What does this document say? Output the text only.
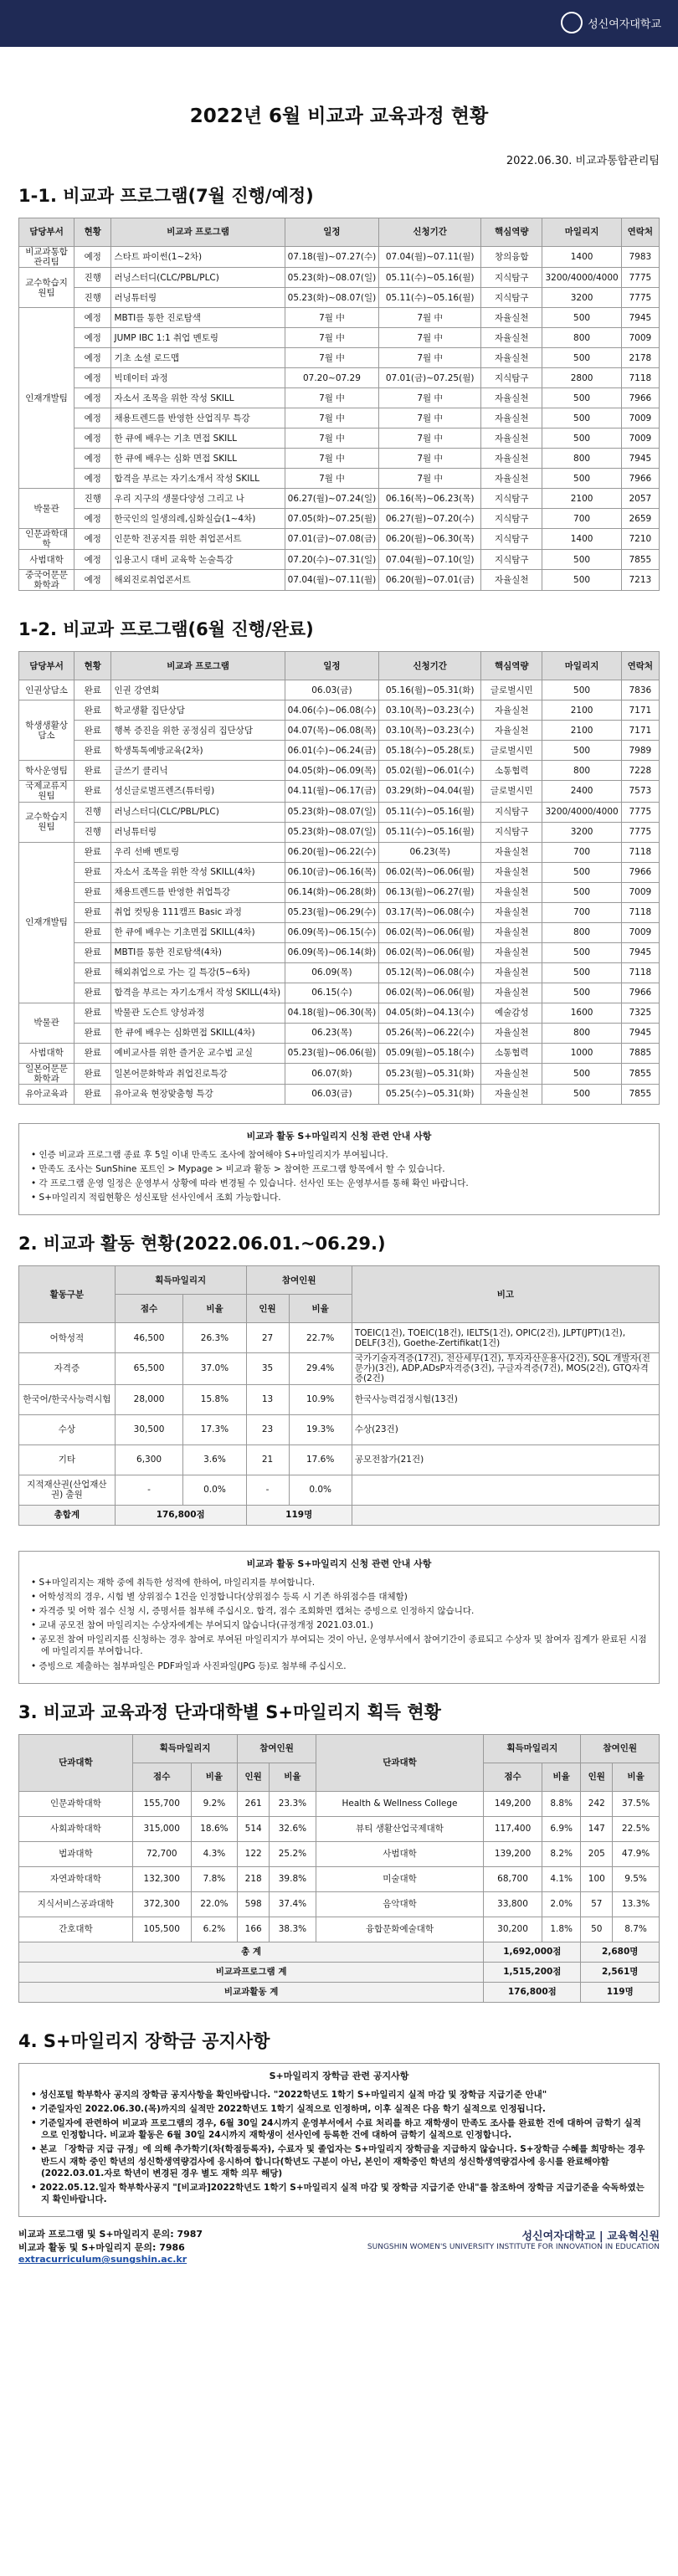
성신여자대학교
2022년 6월 비교과 교육과정 현황
2022.06.30. 비교과통합관리팀
1-1. 비교과 프로그램(7월 진행/예정)
담당부서	현황	비교과 프로그램	일정	신청기간	핵심역량	마일리지	연락처
비교과통합관리팀	예정	스타트 파이썬(1~2차)	07.18(월)~07.27(수)	07.04(월)~07.11(월)	창의융합	1400	7983
교수학습지원팀	진행	러닝스터디(CLC/PBL/PLC)	05.23(화)~08.07(일)	05.11(수)~05.16(월)	지식탐구	3200/4000/4000	7775
	진행	러닝튜터링	05.23(화)~08.07(일)	05.11(수)~05.16(월)	지식탐구	3200	7775
인재개발팀	예정	MBTI를 통한 진로탐색	7월 中	7월 中	자율실천	500	7945
	예정	JUMP IBC 1:1 취업 멘토링	7월 中	7월 中	자율실천	800	7009
	예정	기초 소셜 로드맵	7월 中	7월 中	자율실천	500	2178
	예정	빅데이터 과정	07.20~07.29	07.01(금)~07.25(월)	지식탐구	2800	7118
	예정	자소서 조목을 위한 작성 SKILL	7월 中	7월 中	자율실천	500	7966
	예정	채용트렌드를 반영한 산업직무 특강	7월 中	7월 中	자율실천	500	7009
	예정	한 큐에 배우는 기초 면접 SKILL	7월 中	7월 中	자율실천	500	7009
	예정	한 큐에 배우는 심화 면접 SKILL	7월 中	7월 中	자율실천	800	7945
	예정	합격을 부르는 자기소개서 작성 SKILL	7월 中	7월 中	자율실천	500	7966
박물관	진행	우리 지구의 생물다양성 그리고 나	06.27(월)~07.24(일)	06.16(목)~06.23(목)	지식탐구	2100	2057
	예정	한국인의 일생의례,심화실습(1~4차)	07.05(화)~07.25(월)	06.27(월)~07.20(수)	지식탐구	700	2659
인문과학대학	예정	인문학 전공지를 위한 취업콘서트	07.01(금)~07.08(금)	06.20(월)~06.30(목)	지식탐구	1400	7210
사범대학	예정	임용고시 대비 교육학 논술특강	07.20(수)~07.31(일)	07.04(월)~07.10(일)	지식탐구	500	7855
중국어문문화학과	예정	해외진로취업콘서트	07.04(월)~07.11(월)	06.20(월)~07.01(금)	자율실천	500	7213
1-2. 비교과 프로그램(6월 진행/완료)
담당부서	현황	비교과 프로그램	일정	신청기간	핵심역량	마일리지	연락처
인권상담소	완료	인권 강연회	06.03(금)	05.16(월)~05.31(화)	글로벌시민	500	7836
학생생활상담소	완료	학교생활 집단상담	04.06(수)~06.08(수)	03.10(목)~03.23(수)	자율실천	2100	7171
	완료	행복 증진을 위한 공정심리 집단상담	04.07(목)~06.08(목)	03.10(목)~03.23(수)	자율실천	2100	7171
	완료	학생톡톡예방교육(2차)	06.01(수)~06.24(금)	05.18(수)~05.28(토)	글로벌시민	500	7989
학사운영팀	완료	글쓰기 클리닉	04.05(화)~06.09(목)	05.02(월)~06.01(수)	소통협력	800	7228
국제교류지원팀	완료	성신글로벌프렌즈(튜터링)	04.11(월)~06.17(금)	03.29(화)~04.04(월)	글로벌시민	2400	7573
교수학습지원팀	진행	러닝스터디(CLC/PBL/PLC)	05.23(화)~08.07(일)	05.11(수)~05.16(월)	지식탐구	3200/4000/4000	7775
	진행	러닝튜터링	05.23(화)~08.07(일)	05.11(수)~05.16(월)	지식탐구	3200	7775
인재개발팀	완료	우리 선배 멘토링	06.20(월)~06.22(수)	06.23(목)	자율실천	700	7118
	완료	자소서 조목을 위한 작성 SKILL(4차)	06.10(금)~06.16(목)	06.02(목)~06.06(월)	자율실천	500	7966
	완료	채용트렌드를 반영한 취업특강	06.14(화)~06.28(화)	06.13(월)~06.27(월)	자율실천	500	7009
	완료	취업 컷팅용 111캠프 Basic 과정	05.23(월)~06.29(수)	03.17(목)~06.08(수)	자율실천	700	7118
	완료	한 큐에 배우는 기초면접 SKILL(4차)	06.09(목)~06.15(수)	06.02(목)~06.06(월)	자율실천	800	7009
	완료	MBTI를 통한 진로탐색(4차)	06.09(목)~06.14(화)	06.02(목)~06.06(월)	자율실천	500	7945
	완료	해외취업으로 가는 길 특강(5~6차)	06.09(목)	05.12(목)~06.08(수)	자율실천	500	7118
	완료	합격을 부르는 자기소개서 작성 SKILL(4차)	06.15(수)	06.02(목)~06.06(월)	자율실천	500	7966
박물관	완료	박물관 도슨트 양성과정	04.18(월)~06.30(목)	04.05(화)~04.13(수)	예술감성	1600	7325
	완료	한 큐에 배우는 심화면접 SKILL(4차)	06.23(목)	05.26(목)~06.22(수)	자율실천	800	7945
사범대학	완료	예비교사를 위한 즐거운 교수법 교실	05.23(월)~06.06(월)	05.09(월)~05.18(수)	소통협력	1000	7885
일본어문문화학과	완료	일본어문화학과 취업진로특강	06.07(화)	05.23(월)~05.31(화)	자율실천	500	7855
유아교육과	완료	유아교육 현장맞춤형 특강	06.03(금)	05.25(수)~05.31(화)	자율실천	500	7855
비교과 활동 S+마일리지 신청 관련 안내 사항
• 인증 비교과 프로그램 종료 후 5일 이내 만족도 조사에 참여해야 S+마일리지가 부여됩니다.
• 만족도 조사는 SunShine 포트인 > Mypage > 비교과 활동 > 참여한 프로그램 항목에서 할 수 있습니다.
• 각 프로그램 운영 일정은 운영부서 상황에 따라 변경될 수 있습니다. 선사인 또는 운영부서를 통해 확인 바랍니다.
• S+마일리지 적립현황은 성신포탈 선사인에서 조회 가능합니다.
2. 비교과 활동 현황(2022.06.01.~06.29.)
활동구분	획득마일리지		참여인원		비고
	점수	비율	인원	비율	
어학성적	46,500	26.3%	27	22.7%	TOEIC(1건), TOEIC(18건), IELTS(1건), OPIC(2건), JLPT(JPT)(1건), DELF(3건), Goethe-Zertifikat(1건)
자격증	65,500	37.0%	35	29.4%	국가기술자격증(17건), 전산세무(1건), 투자자산운용사(2건), SQL 개발자(전문가)(3건), ADP,ADsP자격증(3건), 구글자격증(7건), MOS(2건), GTQ자격증(2건)
한국어/한국사능력시험	28,000	15.8%	13	10.9%	한국사능력검정시험(13건)
수상	30,500	17.3%	23	19.3%	수상(23건)
기타	6,300	3.6%	21	17.6%	공모전참가(21건)
지적재산권(산업재산권) 출원	-	0.0%	-	0.0%	
총합계	176,800점		119명		
비교과 활동 S+마일리지 신청 관련 안내 사항
• S+마일리지는 재학 중에 취득한 성적에 한하여, 마일리지를 부여합니다.
• 어학성적의 경우, 시험 별 상위점수 1건을 인정합니다(상위점수 등록 시 기존 하위점수를 대체함)
• 자격증 및 어학 점수 신청 시, 증명서를 첨부해 주십시오. 합격, 점수 조회화면 캡쳐는 증빙으로 인정하지 않습니다.
• 교내 공모전 참여 마일리지는 수상자에게는 부여되지 않습니다(규정개정 2021.03.01.)
• 공모전 참여 마일리지를 신청하는 경우 참여로 부여된 마일리지가 부여되는 것이 아닌, 운영부서에서 참여기간이 종료되고 수상자 및 참여자 집계가 완료된 시점에 마일리지를 부여합니다.
• 증빙으로 제출하는 첨부파일은 PDF파일과 사진파일(JPG 등)로 첨부해 주십시오.
3. 비교과 교육과정 단과대학별 S+마일리지 획득 현황
단과대학	획득마일리지		참여인원		단과대학	획득마일리지		참여인원	
	점수	비율	인원	비율		점수	비율	인원	비율
인문과학대학	155,700	9.2%	261	23.3%	Health & Wellness College	149,200	8.8%	242	37.5%
사회과학대학	315,000	18.6%	514	32.6%	뷰티 생활산업국제대학	117,400	6.9%	147	22.5%
법과대학	72,700	4.3%	122	25.2%	사범대학	139,200	8.2%	205	47.9%
자연과학대학	132,300	7.8%	218	39.8%	미술대학	68,700	4.1%	100	9.5%
지식서비스공과대학	372,300	22.0%	598	37.4%	음악대학	33,800	2.0%	57	13.3%
간호대학	105,500	6.2%	166	38.3%	융합문화예술대학	30,200	1.8%	50	8.7%
총 계						1,692,000점		2,680명	
비교과프로그램 계						1,515,200점		2,561명	
비교과활동 계						176,800점		119명	
4. S+마일리지 장학금 공지사항
S+마일리지 장학금 관련 공지사항
• 성신포털 학부학사 공지의 장학금 공지사항을 확인바랍니다. "2022학년도 1학기 S+마일리지 실적 마감 및 장학금 지급기준 안내"
• 기준일자인 2022.06.30.(목)까지의 실적만 2022학년도 1학기 실적으로 인정하며, 이후 실적은 다음 학기 실적으로 인정됩니다.
• 기준일자에 관련하여 비교과 프로그램의 경우, 6월 30일 24시까지 운영부서에서 수료 처리를 하고 재학생이 만족도 조사를 완료한 건에 대하여 금학기 실적으로 인정합니다. 비교과 활동은 6월 30일 24시까지 재학생이 선사인에 등록한 건에 대하여 금학기 실적으로 인정합니다.
• 본교 「장학금 지급 규정」에 의해 추가학기(차(학점등록자), 수료자 및 졸업자는 S+마일리지 장학금을 지급하지 않습니다. S+장학금 수혜를 희망하는 경우 반드시 재학 중인 학년의 성신학생역량검사에 응시하여 합니다(학년도 구분이 아닌, 본인이 재학중인 학년의 성신학생역량검사에 응시를 완료해야함(2022.03.01.자로 학년이 변경된 경우 별도 재학 의무 해당)
• 2022.05.12.일자 학부학사공지 "[비교과]2022학년도 1학기 S+마일리지 실적 마감 및 장학금 지급기준 안내"를 참조하여 장학금 지급기준을 숙독하였는지 확인바랍니다.
비교과 프로그램 및 S+마일리지 문의: 7987
비교과 활동 및 S+마일리지 문의: 7986
extracurriculum@sungshin.ac.kr
성신여자대학교 | 교육혁신원
SUNGSHIN WOMEN'S UNIVERSITY INSTITUTE FOR INNOVATION IN EDUCATION
